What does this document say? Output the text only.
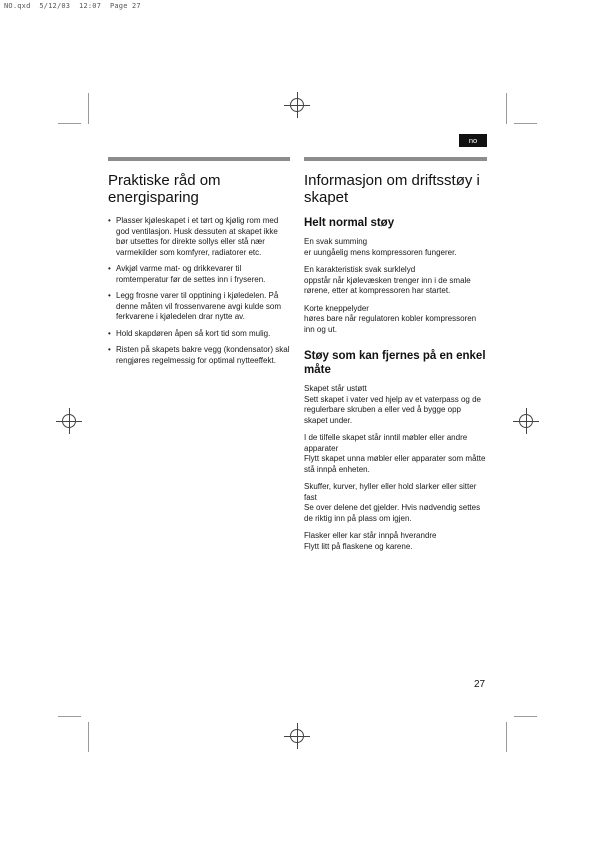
NO.qxd  5/12/03  12:07  Page 27
no
Praktiske råd om energisparing
• Plasser kjøleskapet i et tørt og kjølig rom med god ventilasjon. Husk dessuten at skapet ikke bør utsettes for direkte sollys eller stå nær varmekilder som komfyrer, radiatorer etc.
• Avkjøl varme mat- og drikkevarer til romtemperatur før de settes inn i fryseren.
• Legg frosne varer til opptining i kjøledelen. På denne måten vil frossenvarene avgi kulde som ferkvarene i kjøledelen drar nytte av.
• Hold skapdøren åpen så kort tid som mulig.
• Risten på skapets bakre vegg (kondensator) skal rengjøres regelmessig for optimal nytteeffekt.
Informasjon om driftsstøy i skapet
Helt normal støy
En svak summing
er uungåelig mens kompressoren fungerer.
En karakteristisk svak surklelyd
oppstår når kjølevæsken trenger inn i de smale rørene, etter at kompressoren har startet.
Korte kneppelyder
høres bare når regulatoren kobler kompressoren inn og ut.
Støy som kan fjernes på en enkel måte
Skapet står ustøtt
Sett skapet i vater ved hjelp av et vaterpass og de regulerbare skruben a eller ved å bygge opp skapet under.
I de tilfelle skapet står inntil møbler eller andre apparater
Flytt skapet unna møbler eller apparater som måtte stå innpå enheten.
Skuffer, kurver, hyller eller hold slarker eller sitter fast
Se over delene det gjelder. Hvis nødvendig settes de riktig inn på plass om igjen.
Flasker eller kar står innpå hverandre
Flytt litt på flaskene og karene.
27
